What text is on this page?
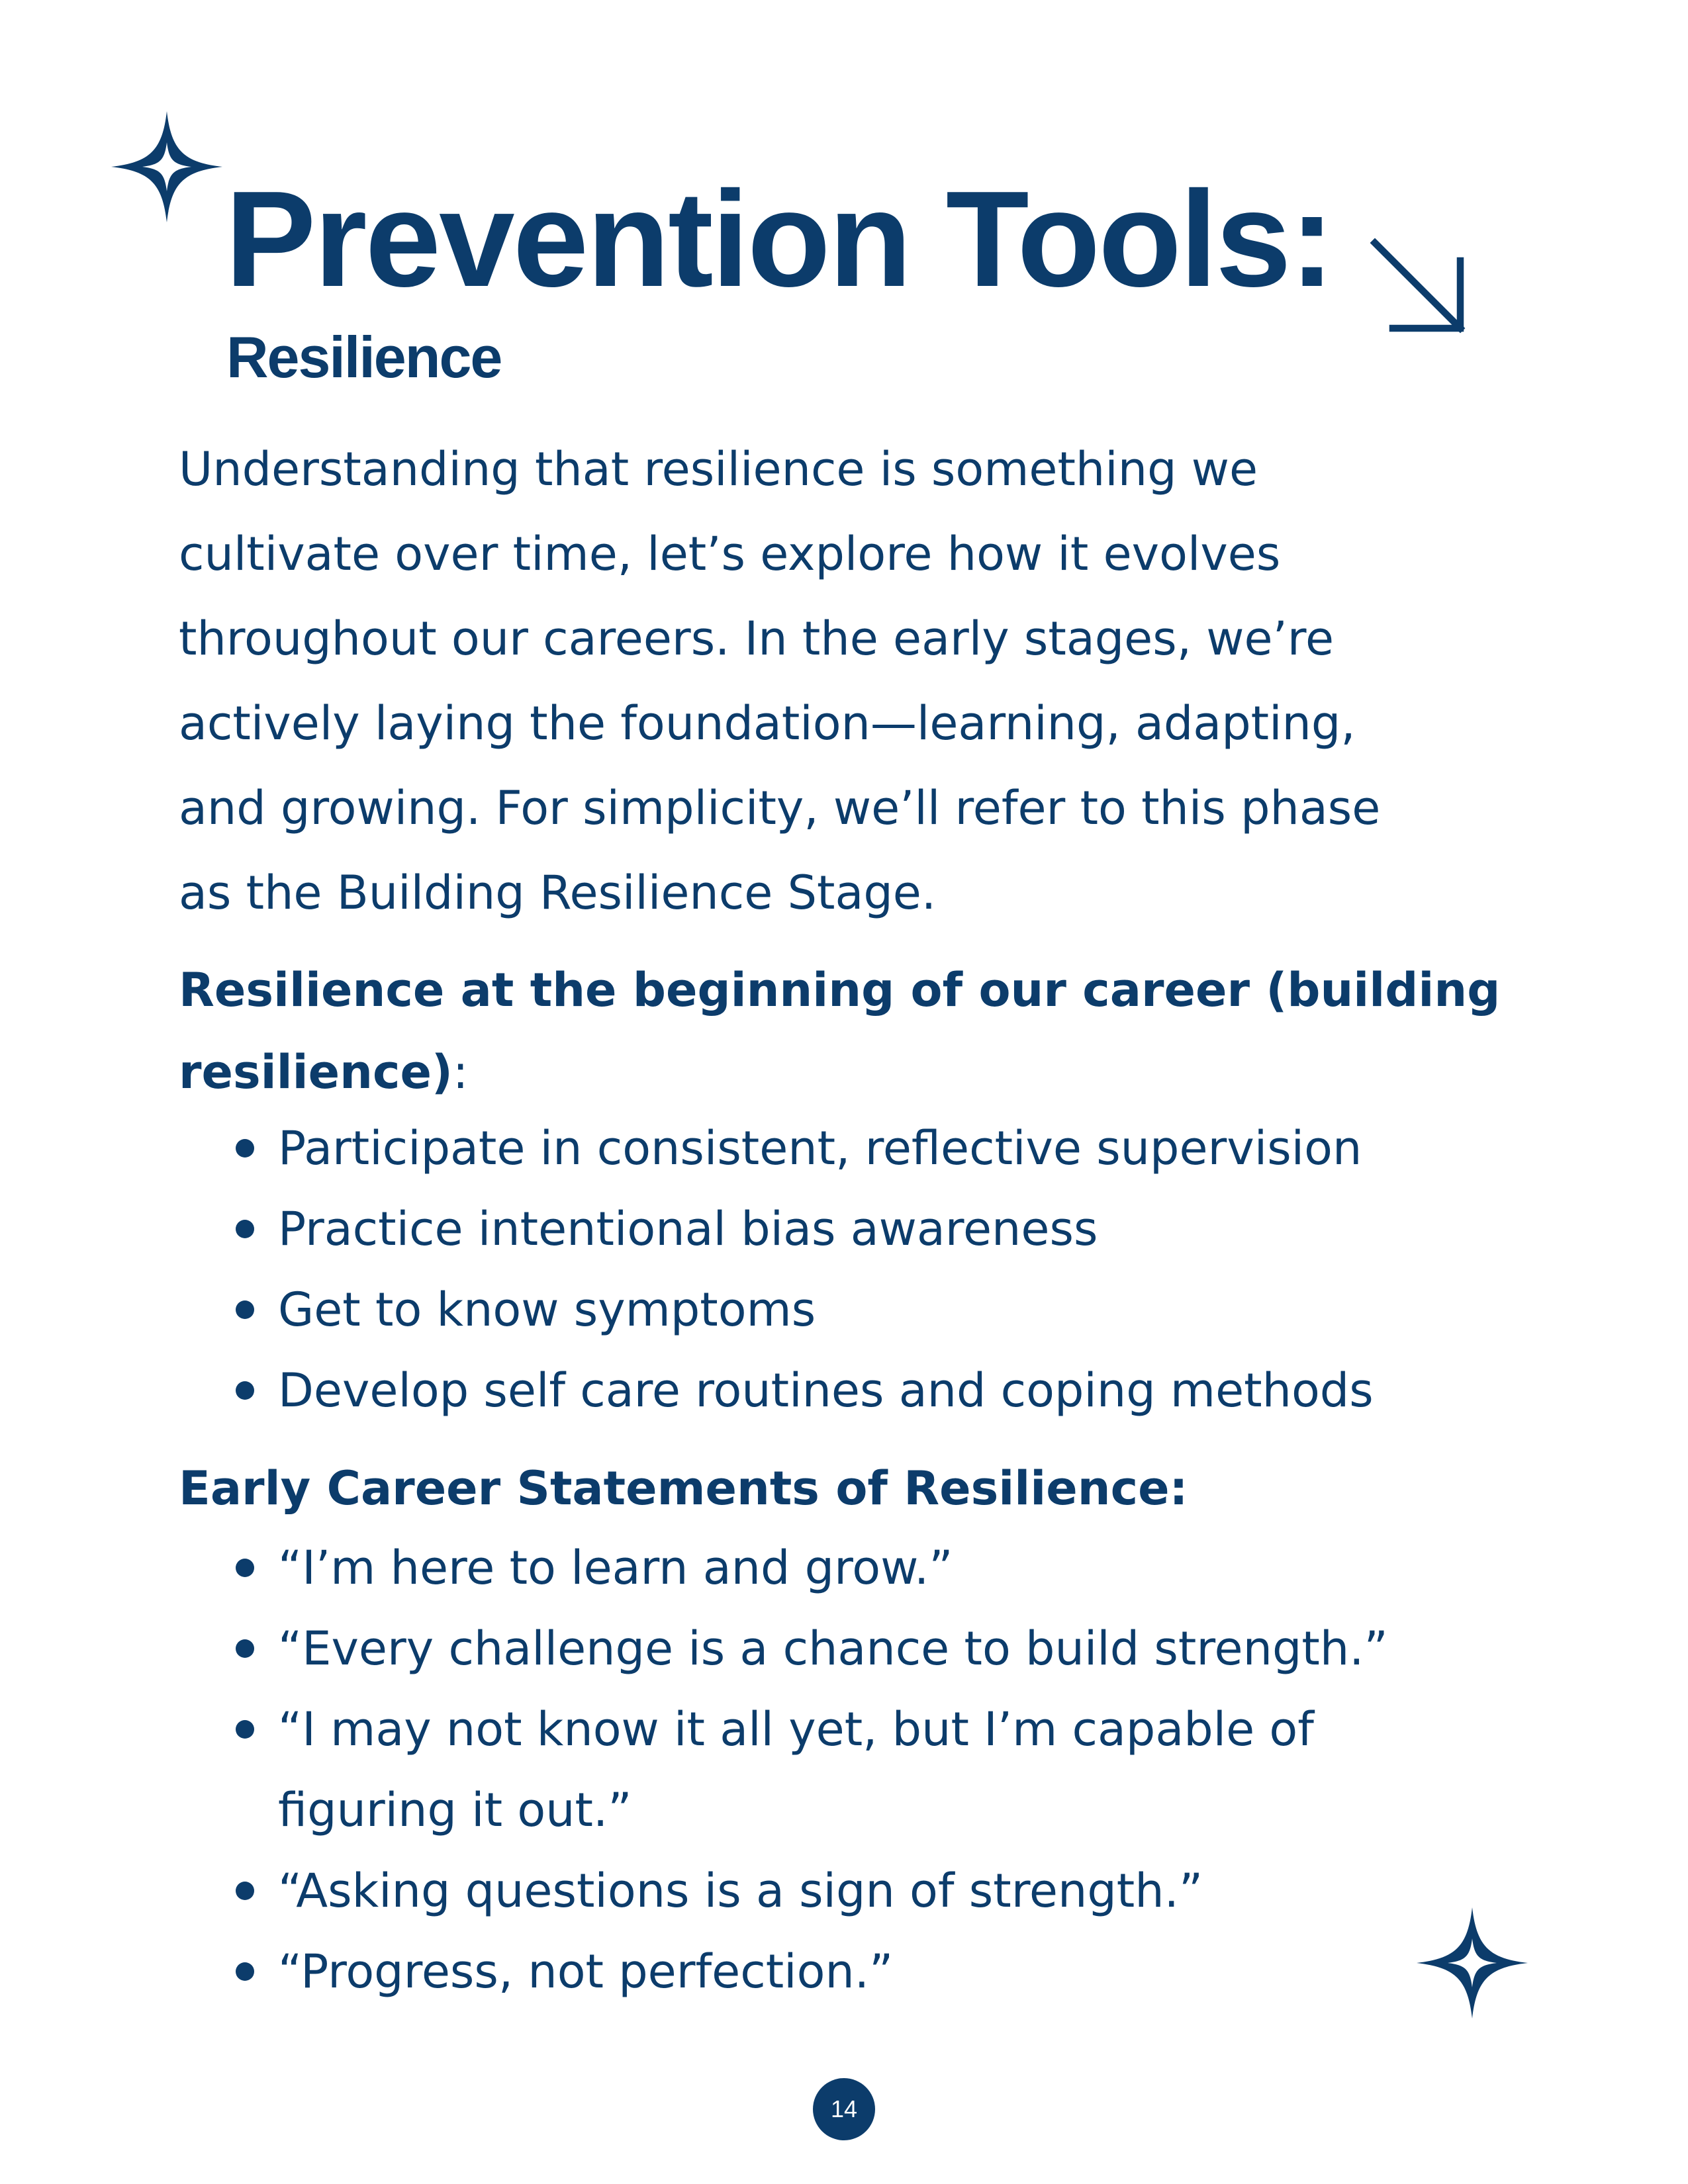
Prevention Tools:
Resilience

Understanding that resilience is something we
cultivate over time, let’s explore how it evolves
throughout our careers. In the early stages, we’re
actively laying the foundation—learning, adapting,
and growing. For simplicity, we’ll refer to this phase
as the Building Resilience Stage.

Resilience at the beginning of our career (building
resilience):
Participate in consistent, reflective supervision
Practice intentional bias awareness
Get to know symptoms
Develop self care routines and coping methods
Early Career Statements of Resilience:
“I’m here to learn and grow.”
“Every challenge is a chance to build strength.”
“I may not know it all yet, but I’m capable of
figuring it out.”
“Asking questions is a sign of strength.”
“Progress, not perfection.”
14
